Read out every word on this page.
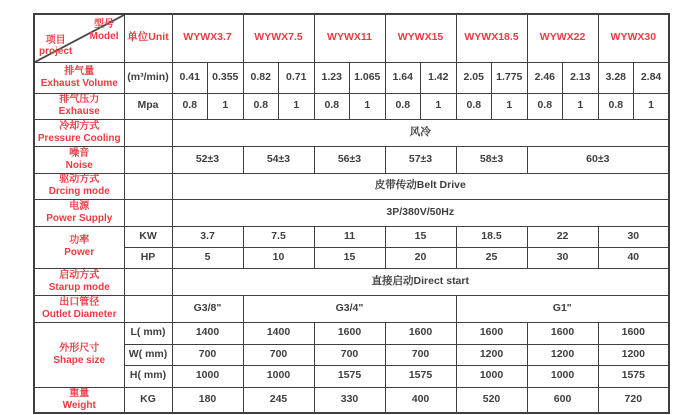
型号
Model
项目
project	单位Unit	WYWX3.7		WYWX7.5		WYWX11		WYWX15		WYWX18.5		WYWX22		WYWX30	

排气量
Exhaust Volume	(m³/min)	0.41	0.355	0.82	0.71	1.23	1.065	1.64	1.42	2.05	1.775	2.46	2.13	3.28	2.84

排气压力
Exhause	Mpa	0.8	1	0.8	1	0.8	1	0.8	1	0.8	1	0.8	1	0.8	1

冷却方式
Pressure Cooling		风冷													

噪音
Noise		52±3		54±3		56±3		57±3		58±3		60±3			

驱动方式
Drcing mode		皮带传动Belt Drive													

电源
Power Supply		3P/380V/50Hz													

功率
Power	KW	3.7		7.5		11		15		18.5		22		30	
	HP	5		10		15		20		25		30		40	

启动方式
Starup mode		直接启动Direct start													

出口管径
Outlet Diameter		G3/8"		G3/4"						G1"					

外形尺寸
Shape size	L( mm)	1400		1400		1600		1600		1600		1600		1600	
	W( mm)	700		700		700		700		1200		1200		1200	
	H( mm)	1000		1000		1575		1575		1000		1000		1575	

重量
Weight	KG	180		245		330		400		520		600		720	
